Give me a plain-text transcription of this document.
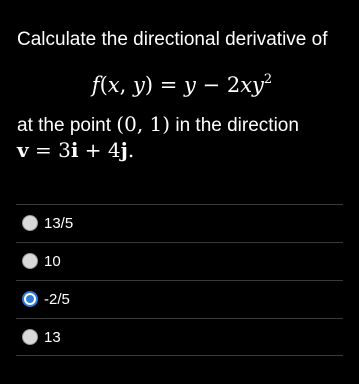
Calculate the directional derivative of
f(x, $y) = y - 2xy^2$
at the point (0, 1) in the direction
v = 3i + 4j.
13/5
10
-2/5
13
